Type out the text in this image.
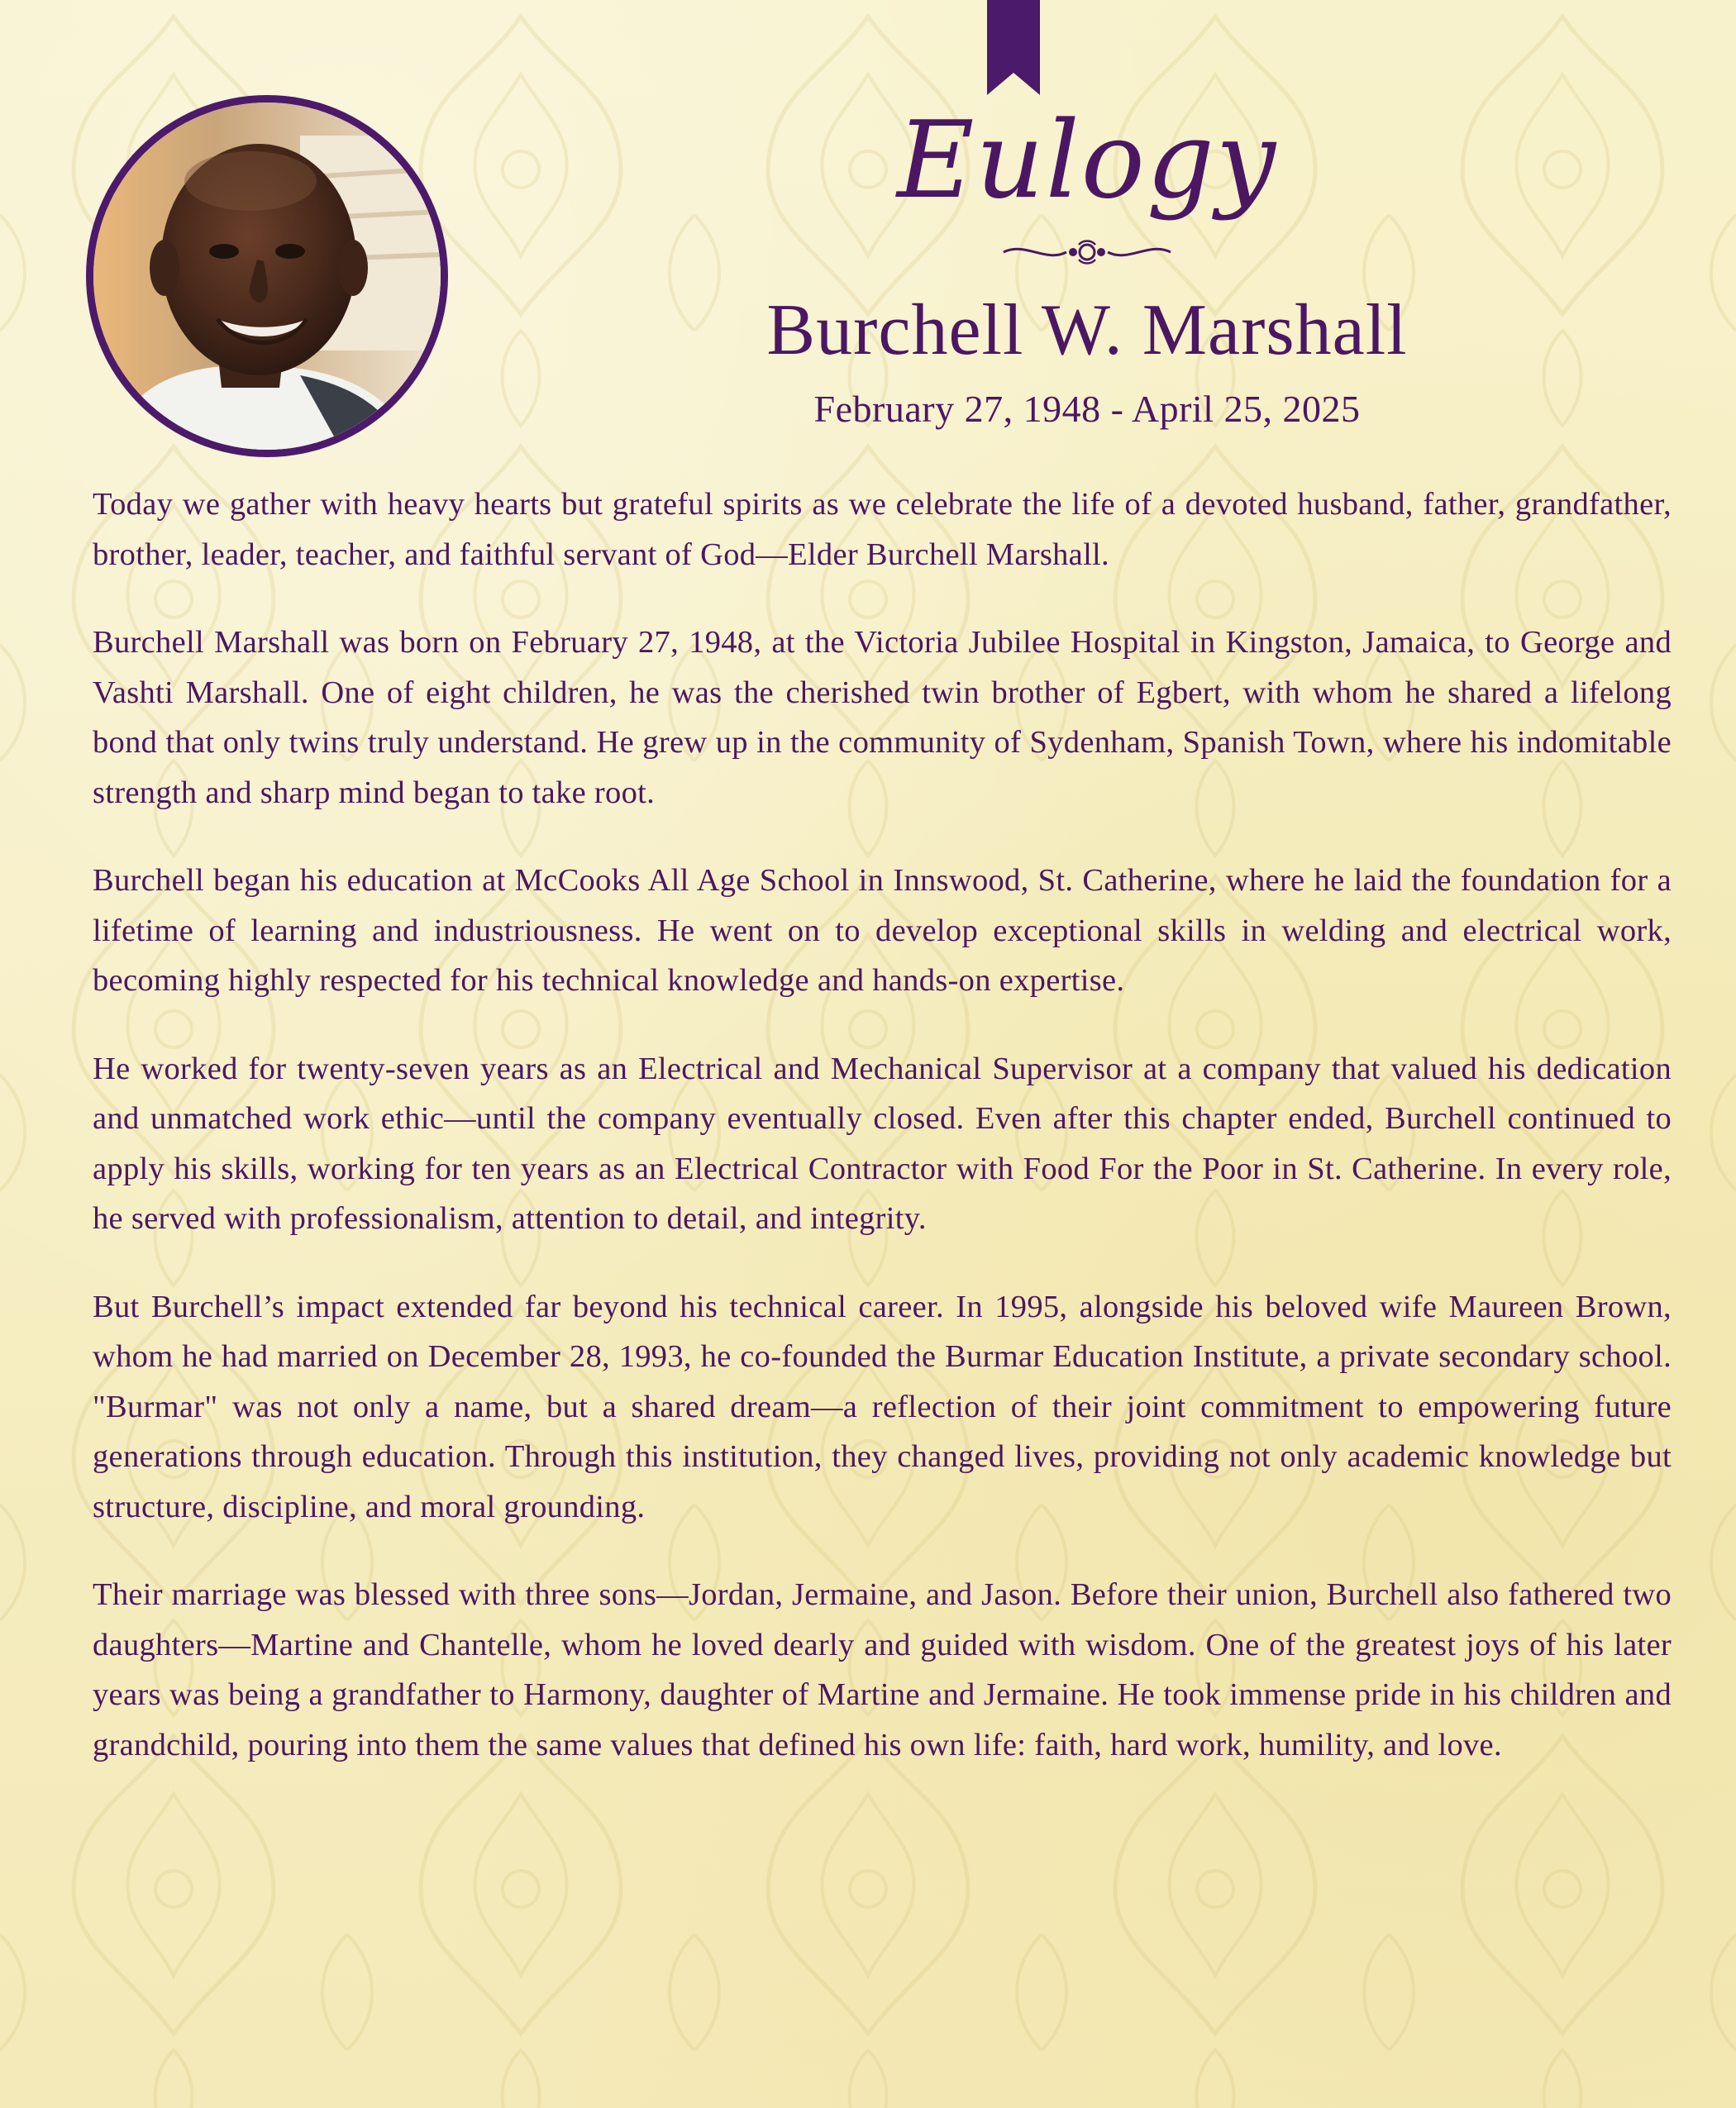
Eulogy
Burchell W. Marshall
February 27, 1948 - April 25, 2025

Today we gather with heavy hearts but grateful spirits as we celebrate the life of a devoted husband, father, grandfather, brother, leader, teacher, and faithful servant of God—Elder Burchell Marshall.

Burchell Marshall was born on February 27, 1948, at the Victoria Jubilee Hospital in Kingston, Jamaica, to George and Vashti Marshall. One of eight children, he was the cherished twin brother of Egbert, with whom he shared a lifelong bond that only twins truly understand. He grew up in the community of Sydenham, Spanish Town, where his indomitable strength and sharp mind began to take root.

Burchell began his education at McCooks All Age School in Innswood, St. Catherine, where he laid the foundation for a lifetime of learning and industriousness. He went on to develop exceptional skills in welding and electrical work, becoming highly respected for his technical knowledge and hands-on expertise.

He worked for twenty-seven years as an Electrical and Mechanical Supervisor at a company that valued his dedication and unmatched work ethic—until the company eventually closed. Even after this chapter ended, Burchell continued to apply his skills, working for ten years as an Electrical Contractor with Food For the Poor in St. Catherine. In every role, he served with professionalism, attention to detail, and integrity.

But Burchell’s impact extended far beyond his technical career. In 1995, alongside his beloved wife Maureen Brown, whom he had married on December 28, 1993, he co-founded the Burmar Education Institute, a private secondary school. "Burmar" was not only a name, but a shared dream—a reflection of their joint commitment to empowering future generations through education. Through this institution, they changed lives, providing not only academic knowledge but structure, discipline, and moral grounding.

Their marriage was blessed with three sons—Jordan, Jermaine, and Jason. Before their union, Burchell also fathered two daughters—Martine and Chantelle, whom he loved dearly and guided with wisdom. One of the greatest joys of his later years was being a grandfather to Harmony, daughter of Martine and Jermaine. He took immense pride in his children and grandchild, pouring into them the same values that defined his own life: faith, hard work, humility, and love.
